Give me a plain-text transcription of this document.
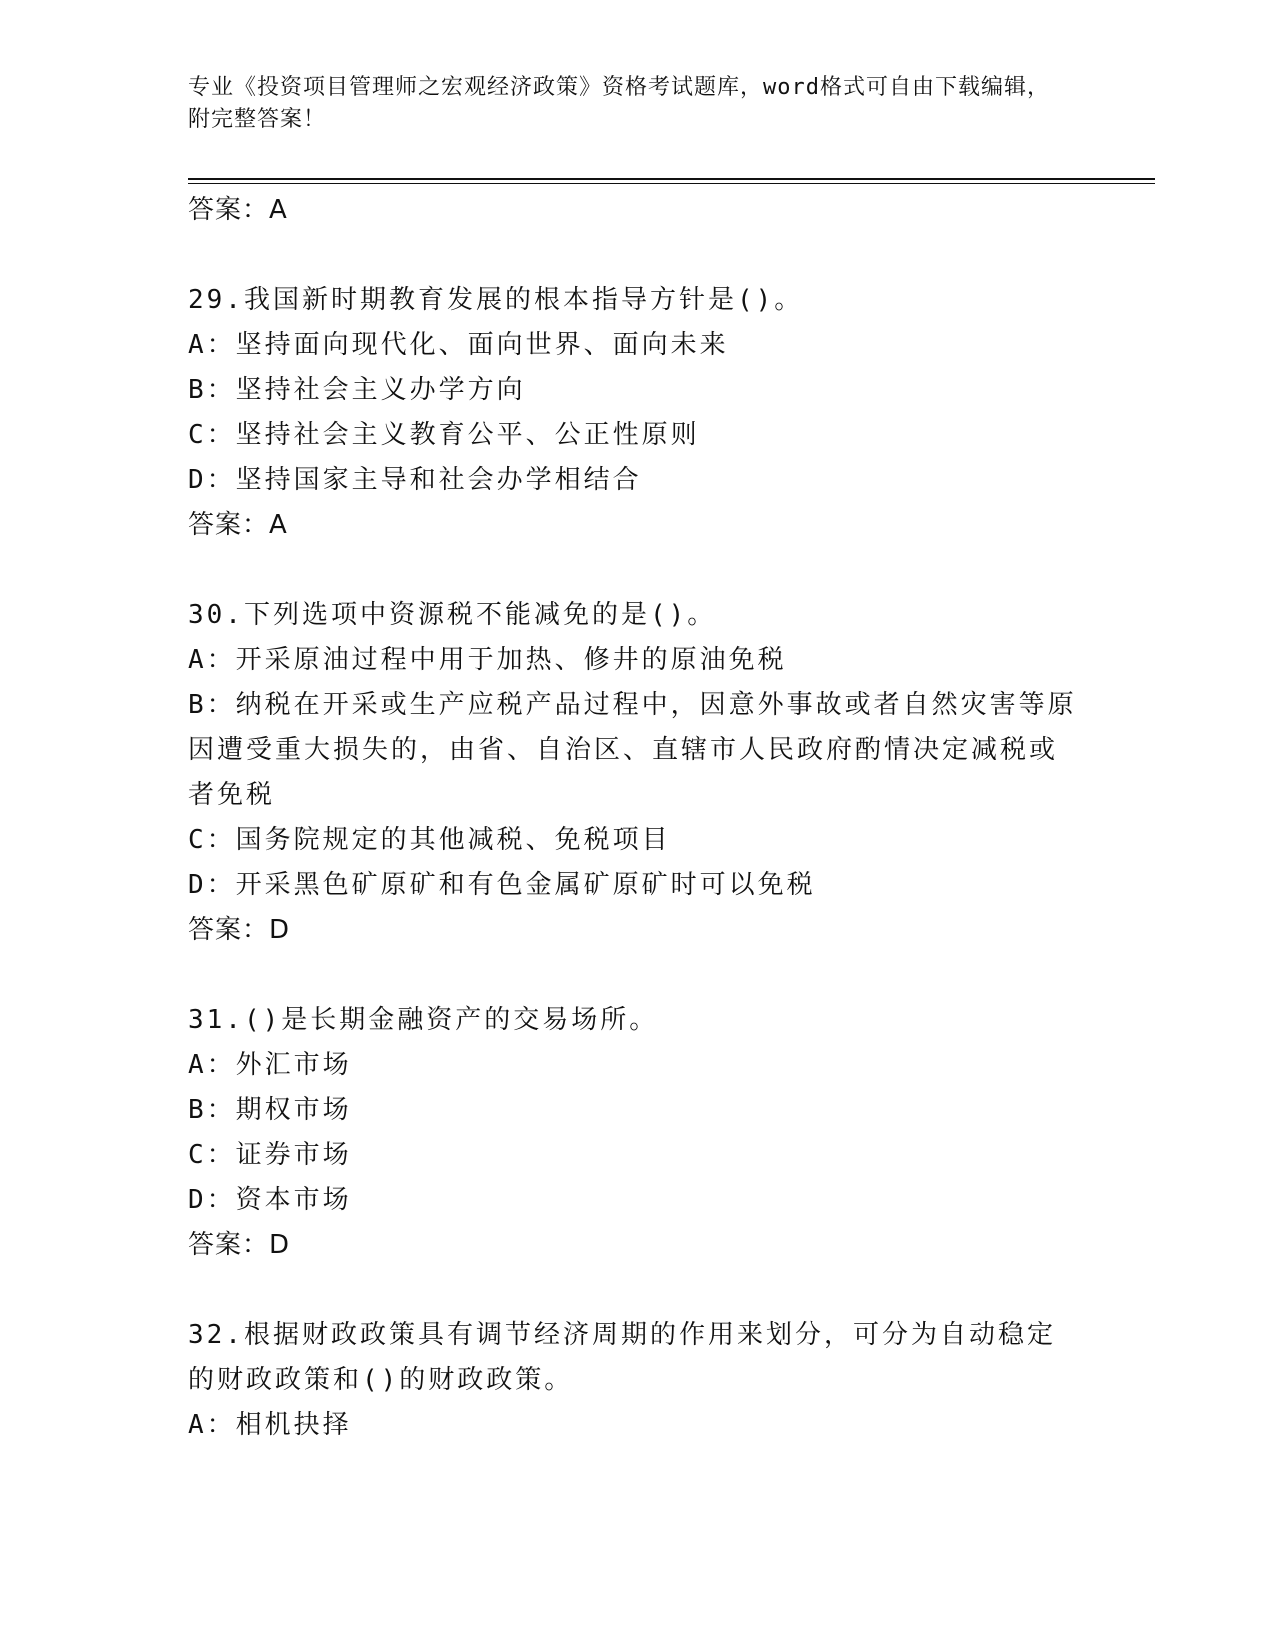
专业《投资项目管理师之宏观经济政策》资格考试题库，word格式可自由下载编辑，附完整答案！
答案：A
29.我国新时期教育发展的根本指导方针是()。
A：坚持面向现代化、面向世界、面向未来
B：坚持社会主义办学方向
C：坚持社会主义教育公平、公正性原则
D：坚持国家主导和社会办学相结合
答案：A
30.下列选项中资源税不能减免的是()。
A：开采原油过程中用于加热、修井的原油免税
B：纳税在开采或生产应税产品过程中，因意外事故或者自然灾害等原因遭受重大损失的，由省、自治区、直辖市人民政府酌情决定减税或者免税
C：国务院规定的其他减税、免税项目
D：开采黑色矿原矿和有色金属矿原矿时可以免税
答案：D
31.()是长期金融资产的交易场所。
A：外汇市场
B：期权市场
C：证券市场
D：资本市场
答案：D
32.根据财政政策具有调节经济周期的作用来划分，可分为自动稳定的财政政策和()的财政政策。
A：相机抉择
